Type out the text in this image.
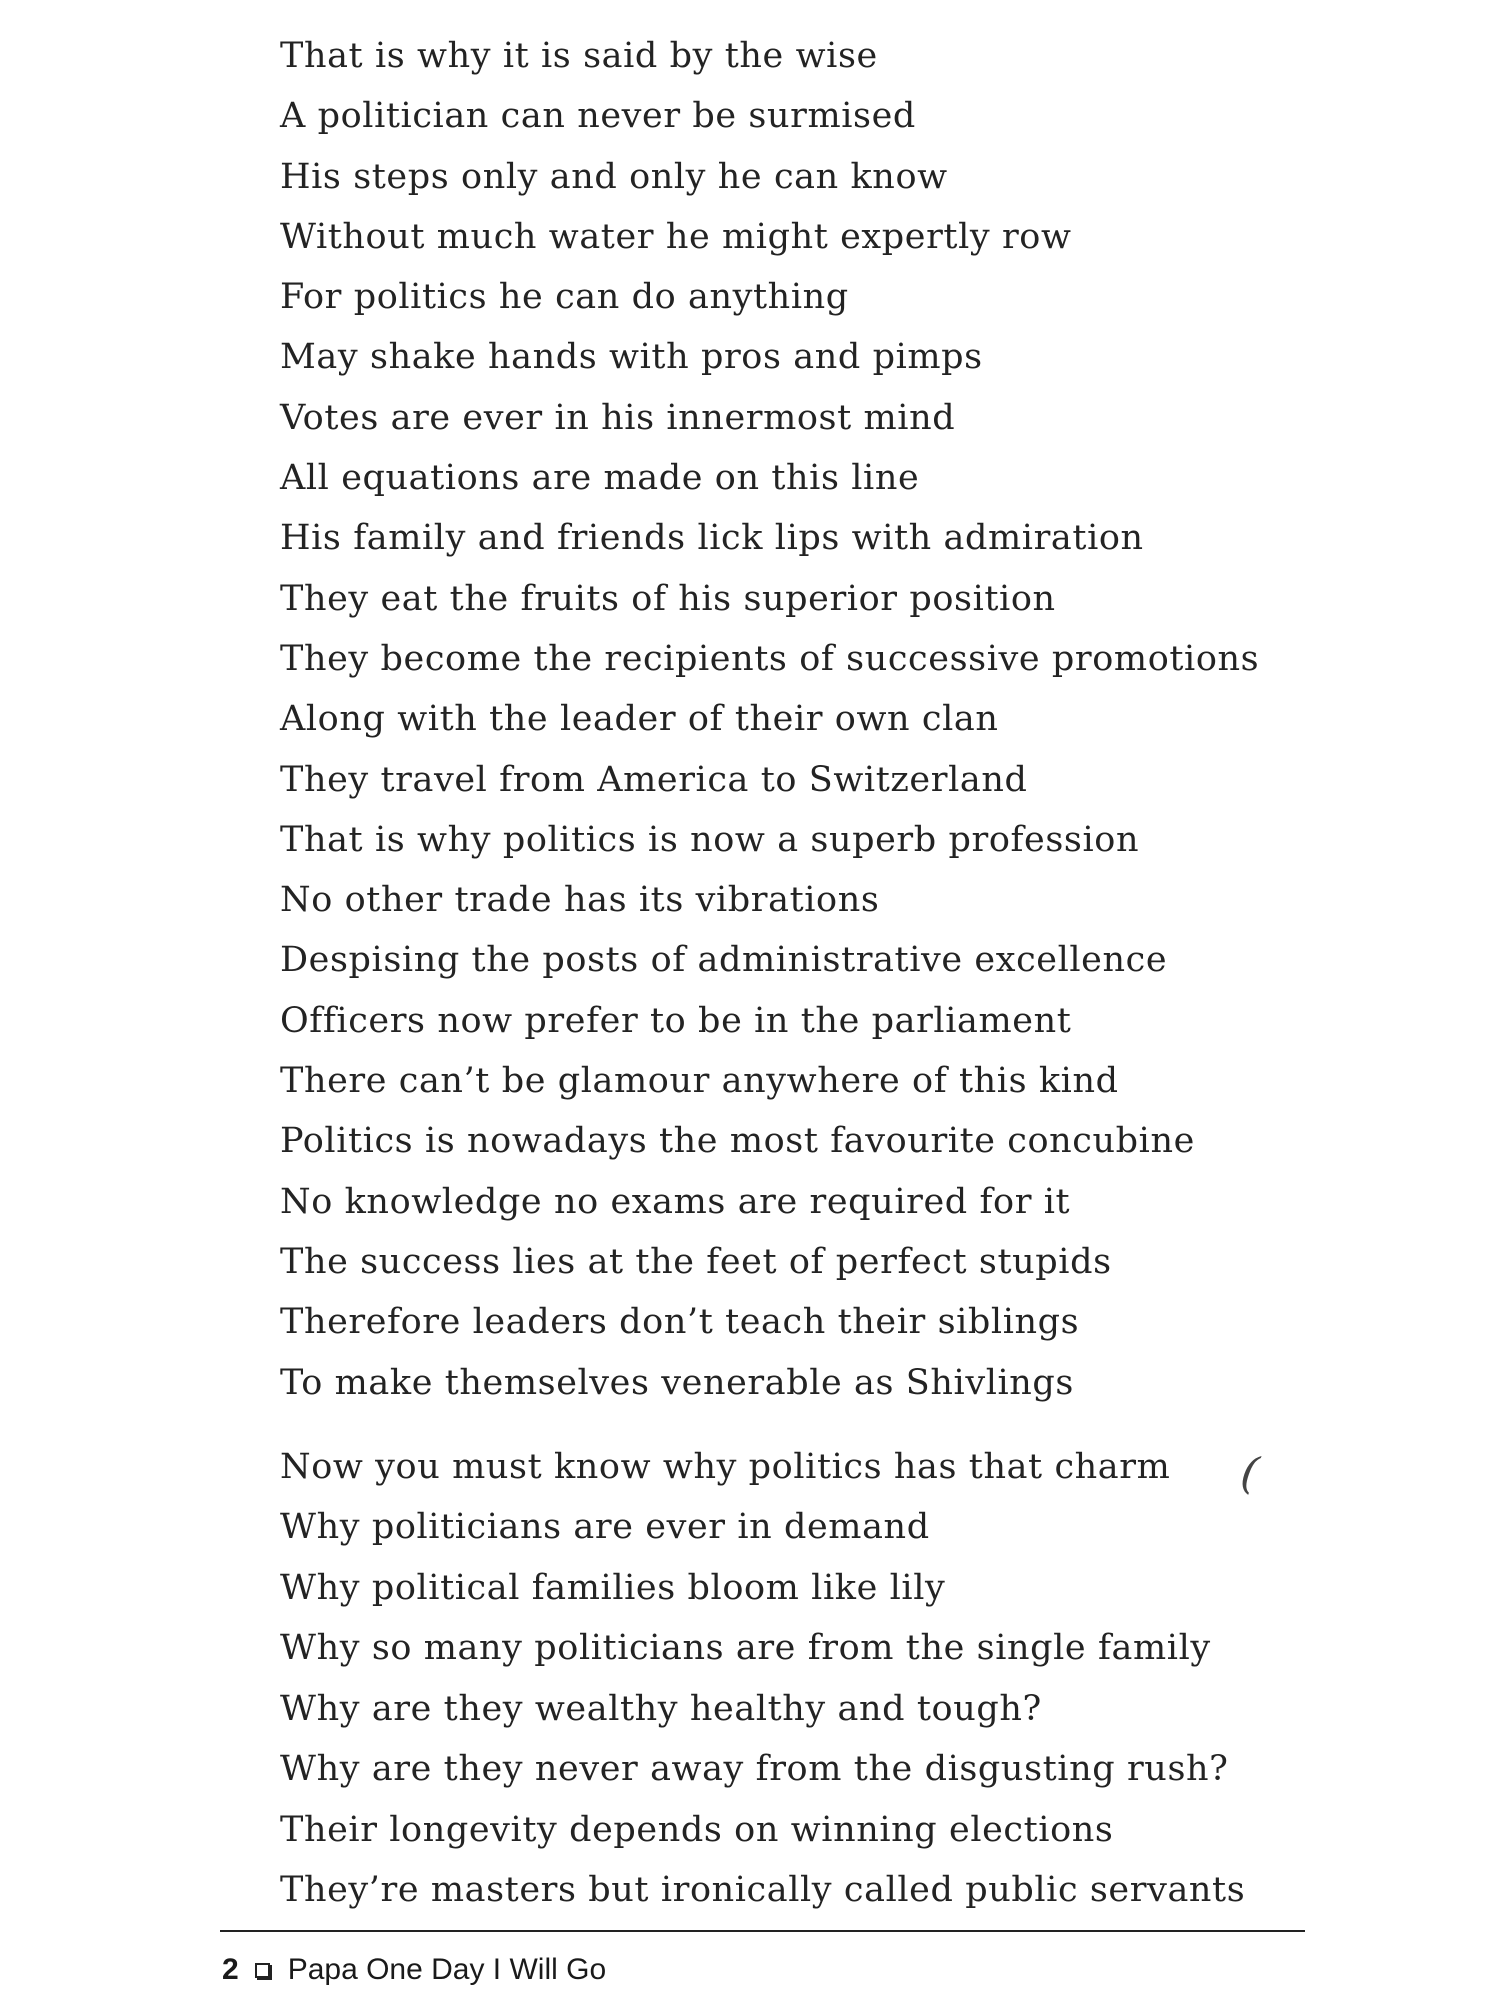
That is why it is said by the wise
A politician can never be surmised
His steps only and only he can know
Without much water he might expertly row
For politics he can do anything
May shake hands with pros and pimps
Votes are ever in his innermost mind
All equations are made on this line
His family and friends lick lips with admiration
They eat the fruits of his superior position
They become the recipients of successive promotions
Along with the leader of their own clan
They travel from America to Switzerland
That is why politics is now a superb profession
No other trade has its vibrations
Despising the posts of administrative excellence
Officers now prefer to be in the parliament
There can’t be glamour anywhere of this kind
Politics is nowadays the most favourite concubine
No knowledge no exams are required for it
The success lies at the feet of perfect stupids
Therefore leaders don’t teach their siblings
To make themselves venerable as Shivlings
Now you must know why politics has that charm
Why politicians are ever in demand
Why political families bloom like lily
Why so many politicians are from the single family
Why are they wealthy healthy and tough?
Why are they never away from the disgusting rush?
Their longevity depends on winning elections
They’re masters but ironically called public servants
(
2 Papa One Day I Will Go
